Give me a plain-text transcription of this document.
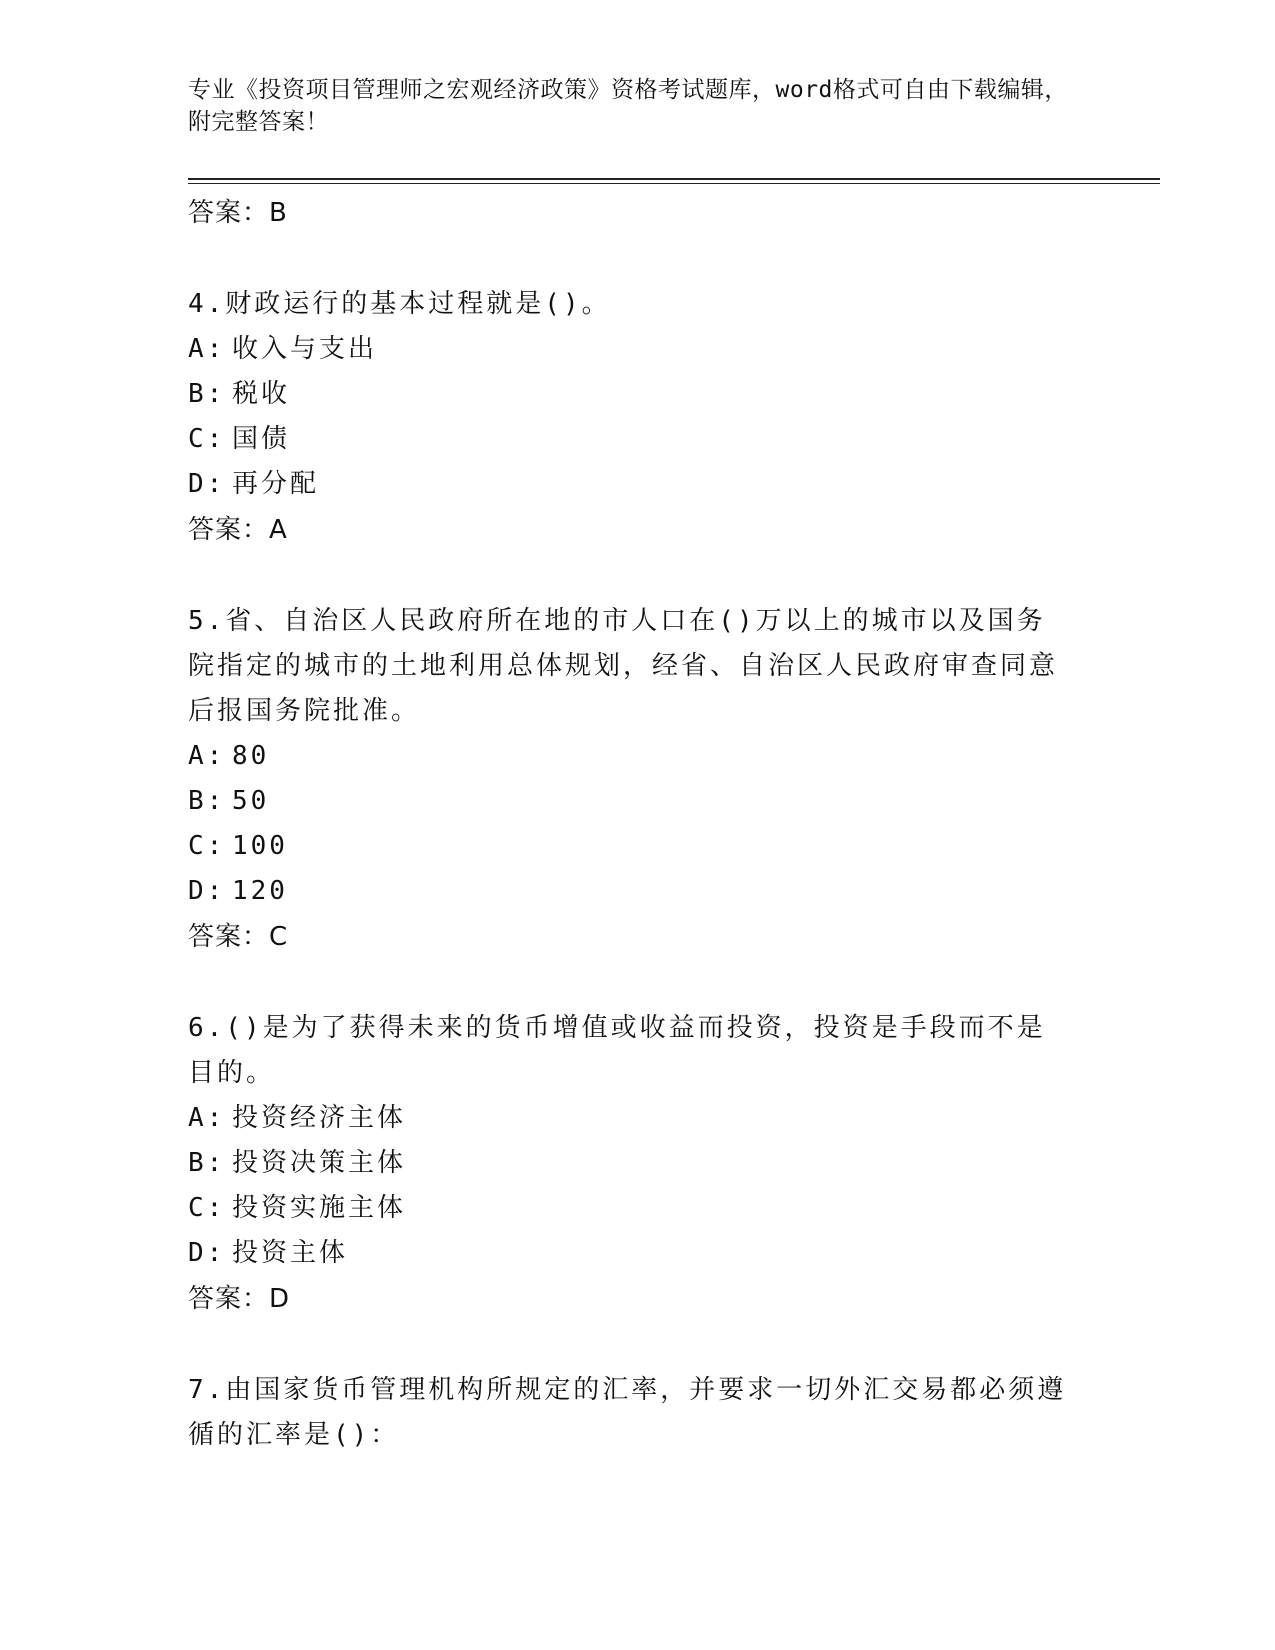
专业《投资项目管理师之宏观经济政策》资格考试题库，word格式可自由下载编辑，附完整答案！
答案：B
4.财政运行的基本过程就是()。
A: 收入与支出
B: 税收
C: 国债
D: 再分配
答案：A
5.省、自治区人民政府所在地的市人口在()万以上的城市以及国务院指定的城市的土地利用总体规划，经省、自治区人民政府审查同意后报国务院批准。
A: 80
B: 50
C: 100
D: 120
答案：C
6.()是为了获得未来的货币增值或收益而投资，投资是手段而不是目的。
A: 投资经济主体
B: 投资决策主体
C: 投资实施主体
D: 投资主体
答案：D
7.由国家货币管理机构所规定的汇率，并要求一切外汇交易都必须遵循的汇率是()：
